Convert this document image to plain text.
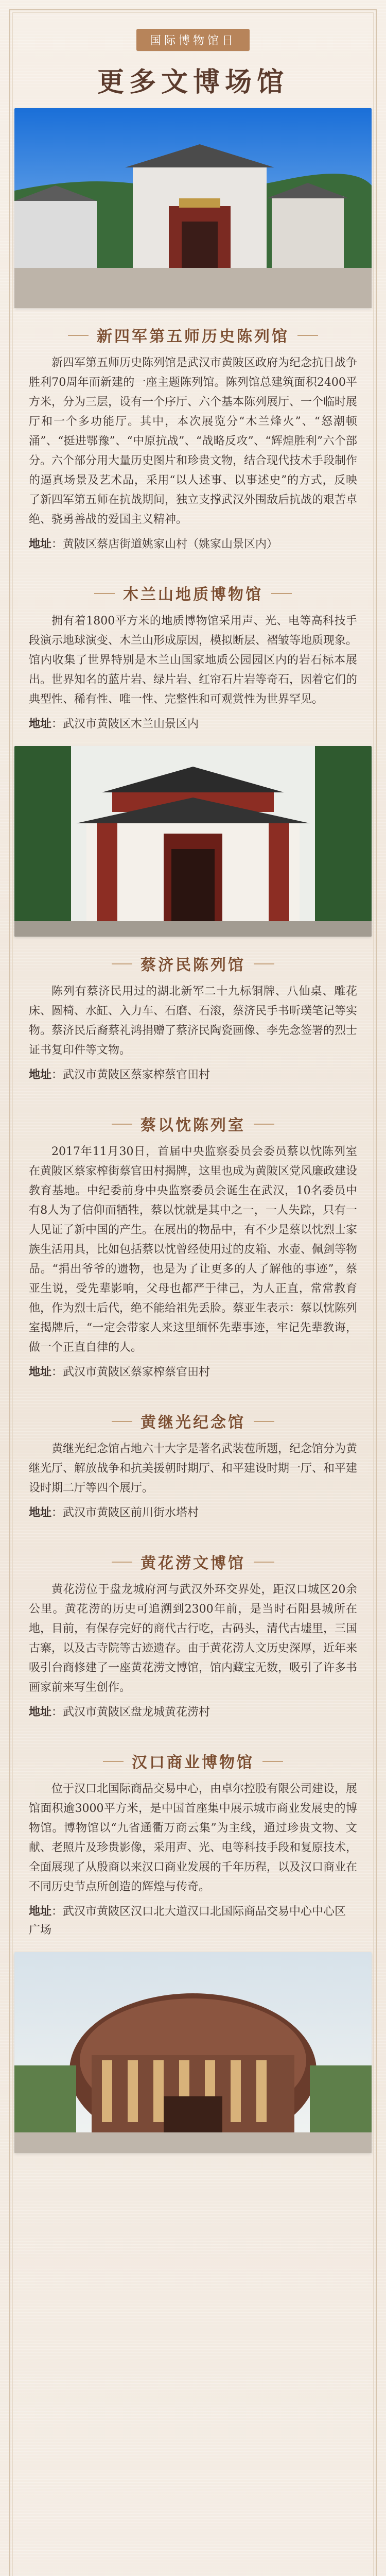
国际博物馆日
更多文博场馆
新四军第五师历史陈列馆

新四军第五师历史陈列馆是武汉市黄陂区政府为纪念抗日战争胜利70周年而新建的一座主题陈列馆。陈列馆总建筑面积2400平方米，分为三层，设有一个序厅、六个基本陈列展厅、一个临时展厅和一个多功能厅。其中，本次展览分“木兰烽火”、“怒潮顿涌”、“挺进鄂豫”、“中原抗战”、“战略反攻”、“辉煌胜利”六个部分。六个部分用大量历史图片和珍贵文物，结合现代技术手段制作的逼真场景及艺术品，采用“以人述事、以事述史”的方式，反映了新四军第五师在抗战期间，独立支撑武汉外围敌后抗战的艰苦卓绝、骁勇善战的爱国主义精神。

地址：黄陂区蔡店街道姚家山村（姚家山景区内）

木兰山地质博物馆

拥有着1800平方米的地质博物馆采用声、光、电等高科技手段演示地球演变、木兰山形成原因，模拟断层、褶皱等地质现象。馆内收集了世界特别是木兰山国家地质公园园区内的岩石标本展出。世界知名的蓝片岩、绿片岩、红帘石片岩等奇石，因着它们的典型性、稀有性、唯一性、完整性和可观赏性为世界罕见。

地址：武汉市黄陂区木兰山景区内

蔡济民陈列馆

陈列有蔡济民用过的湖北新军二十九标铜牌、八仙桌、雕花床、圆椅、水缸、入力车、石磨、石滚，蔡济民手书昕璞笔记等实物。蔡济民后裔蔡礼鸿捐赠了蔡济民陶瓷画像、李先念签署的烈士证书复印件等文物。

地址：武汉市黄陂区蔡家榨蔡官田村

蔡以忱陈列室

2017年11月30日，首届中央监察委员会委员蔡以忱陈列室在黄陂区蔡家榨街蔡官田村揭牌，这里也成为黄陂区党风廉政建设教育基地。中纪委前身中央监察委员会诞生在武汉，10名委员中有8人为了信仰而牺牲，蔡以忱就是其中之一，一人失踪，只有一人见证了新中国的产生。在展出的物品中，有不少是蔡以忱烈士家族生活用具，比如包括蔡以忱曾经使用过的皮箱、水壶、佩剑等物品。“捐出爷爷的遗物，也是为了让更多的人了解他的事迹”，蔡亚生说，受先辈影响，父母也都严于律己，为人正直，常常教育他，作为烈士后代，绝不能给祖先丢脸。蔡亚生表示：蔡以忱陈列室揭牌后，“一定会带家人来这里缅怀先辈事迹，牢记先辈教诲，做一个正直自律的人。

地址：武汉市黄陂区蔡家榨蔡官田村

黄继光纪念馆

黄继光纪念馆占地六十大字是著名武装苞所题，纪念馆分为黄继光厅、解放战争和抗美援朝时期厅、和平建设时期一厅、和平建设时期二厅等四个展厅。

地址：武汉市黄陂区前川街水塔村

黄花涝文博馆

黄花涝位于盘龙城府河与武汉外环交界处，距汉口城区20余公里。黄花涝的历史可追溯到2300年前，是当时石阳县城所在地，目前，有保存完好的商代古行吃，古码头，清代古墟里，三国古寨，以及古寺院等古迹遗存。由于黄花涝人文历史深厚，近年来吸引台商修建了一座黄花涝文博馆，馆内藏宝无数，吸引了许多书画家前来写生创作。

地址：武汉市黄陂区盘龙城黄花涝村

汉口商业博物馆

位于汉口北国际商品交易中心，由卓尔控股有限公司建设，展馆面积逾3000平方米，是中国首座集中展示城市商业发展史的博物馆。博物馆以“九省通衢万商云集”为主线，通过珍贵文物、文献、老照片及珍贵影像，采用声、光、电等科技手段和复原技术，全面展现了从殷商以来汉口商业发展的千年历程，以及汉口商业在不同历史节点所创造的辉煌与传奇。

地址：武汉市黄陂区汉口北大道汉口北国际商品交易中心中心区广场
